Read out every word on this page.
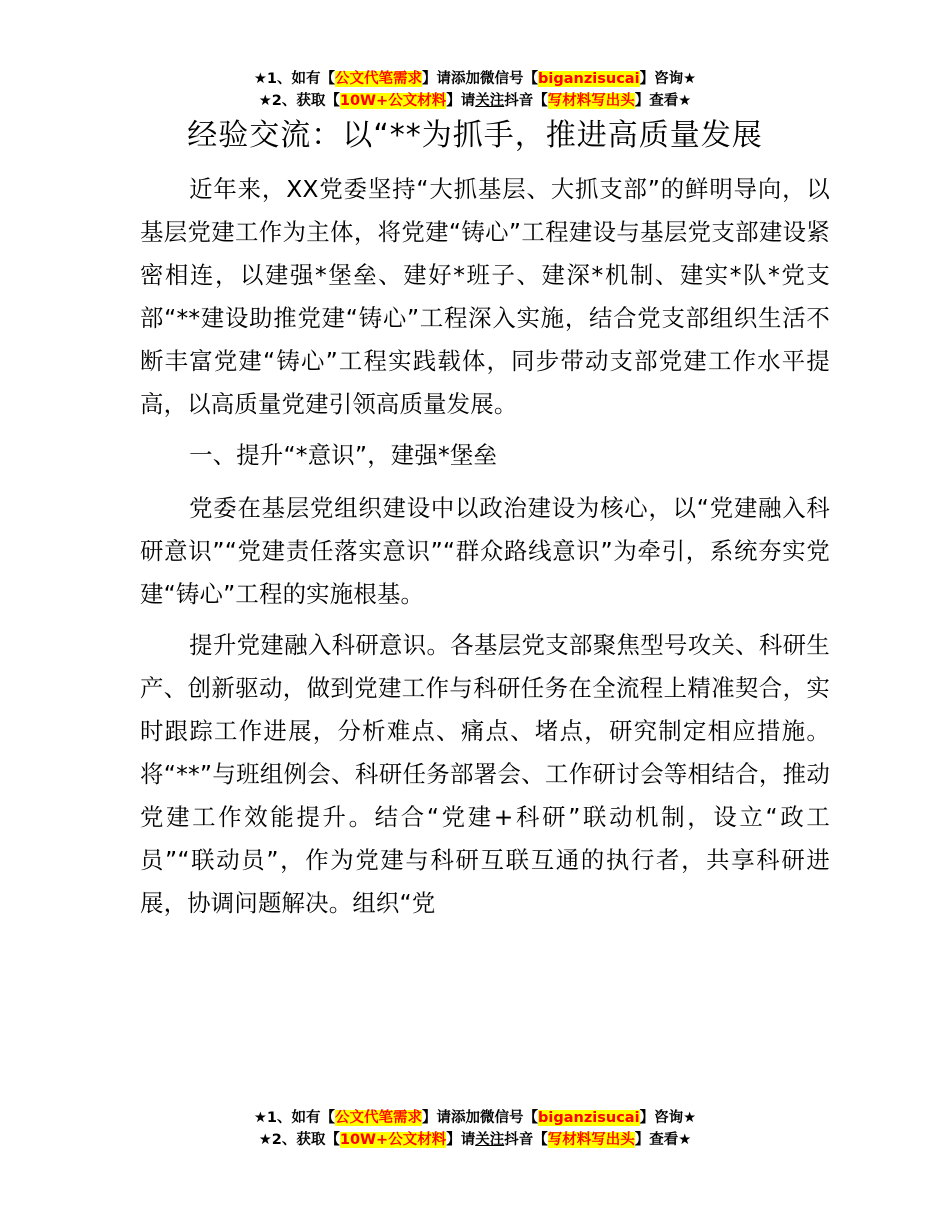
★1、如有【公文代笔需求】请添加微信号【biganzisucai】咨询★
★2、获取【10W+公文材料】请关注抖音【写材料写出头】查看★
经验交流：以“**为抓手，推进高质量发展

近年来，XX党委坚持“大抓基层、大抓支部”的鲜明导向，以基层党建工作为主体，将党建“铸心”工程建设与基层党支部建设紧密相连，以建强*堡垒、建好*班子、建深*机制、建实*队*党支部“**建设助推党建“铸心”工程深入实施，结合党支部组织生活不断丰富党建“铸心”工程实践载体，同步带动支部党建工作水平提高，以高质量党建引领高质量发展。

一、提升“*意识”，建强*堡垒

党委在基层党组织建设中以政治建设为核心，以“党建融入科研意识”“党建责任落实意识”“群众路线意识”为牵引，系统夯实党建“铸心”工程的实施根基。

提升党建融入科研意识。各基层党支部聚焦型号攻关、科研生产、创新驱动，做到党建工作与科研任务在全流程上精准契合，实时跟踪工作进展，分析难点、痛点、堵点，研究制定相应措施。将“**”与班组例会、科研任务部署会、工作研讨会等相结合，推动党建工作效能提升。结合“党建+科研”联动机制，设立“政工员”“联动员”，作为党建与科研互联互通的执行者，共享科研进展，协调问题解决。组织“党

★1、如有【公文代笔需求】请添加微信号【biganzisucai】咨询★
★2、获取【10W+公文材料】请关注抖音【写材料写出头】查看★
